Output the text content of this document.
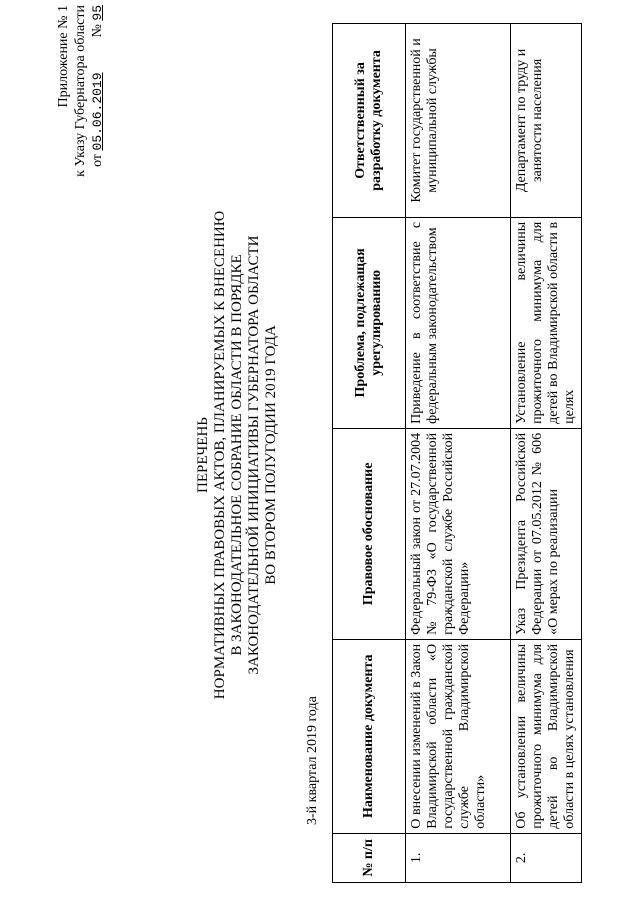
Приложение № 1 к Указу Губернатора области от 05.06.2019          № 95
ПЕРЕЧЕНЬ НОРМАТИВНЫХ ПРАВОВЫХ АКТОВ, ПЛАНИРУЕМЫХ К ВНЕСЕНИЮ В ЗАКОНОДАТЕЛЬНОЕ СОБРАНИЕ ОБЛАСТИ В ПОРЯДКЕ ЗАКОНОДАТЕЛЬНОЙ ИНИЦИАТИВЫ ГУБЕРНАТОРА ОБЛАСТИ ВО ВТОРОМ ПОЛУГОДИИ 2019 ГОДА
3-й квартал 2019 года
№ п/п	Наименование документа	Правовое обоснование	Проблема, подлежащая урегулированию	Ответственный за разработку документа
1.	О внесении изменений в Закон Владимирской области «О государственной гражданской службе Владимирской области»	Федеральный закон от 27.07.2004 № 79-ФЗ «О государственной гражданской службе Российской Федерации»	Приведение в соответствие с федеральным законодательством	Комитет государственной и муниципальной службы
2.	Об установлении величины прожиточного минимума для детей во Владимирской области в целях установления	Указ Президента Российской Федерации от 07.05.2012 № 606 «О мерах по реализации	Установление величины прожиточного минимума для детей во Владимирской области в целях	Департамент по труду и занятости населения
